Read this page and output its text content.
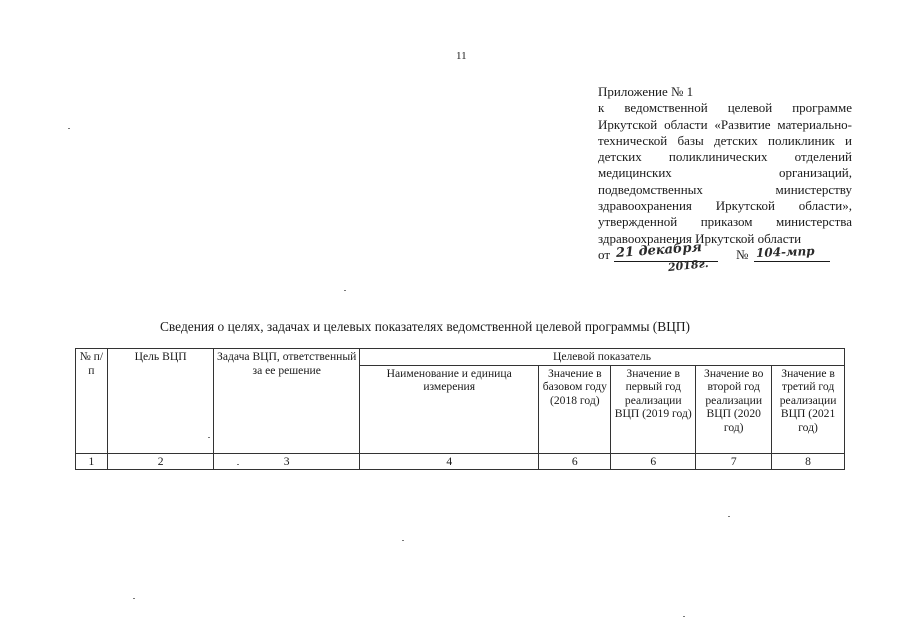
11
Приложение № 1
к ведомственной целевой программе Иркутской области «Развитие материально-технической базы детских поликлиник и детских поликлинических отделений медицинских организаций, подведомственных министерству здравоохранения Иркутской области», утвержденной приказом министерства здравоохранения Иркутской области
от 21 декабря
2018г.
№ 104-мпр
Сведения о целях, задачах и целевых показателях ведомственной целевой программы (ВЦП)
№ п/п	Цель ВЦП	Задача ВЦП, ответственный за ее решение	Целевой показатель				
			Наименование и единица измерения	Значение в базовом году (2018 год)	Значение в первый год реализации ВЦП (2019 год)	Значение во второй год реализации ВЦП (2020 год)	Значение в третий год реализации ВЦП (2021 год)
1	2	3	4	6	6	7	8
